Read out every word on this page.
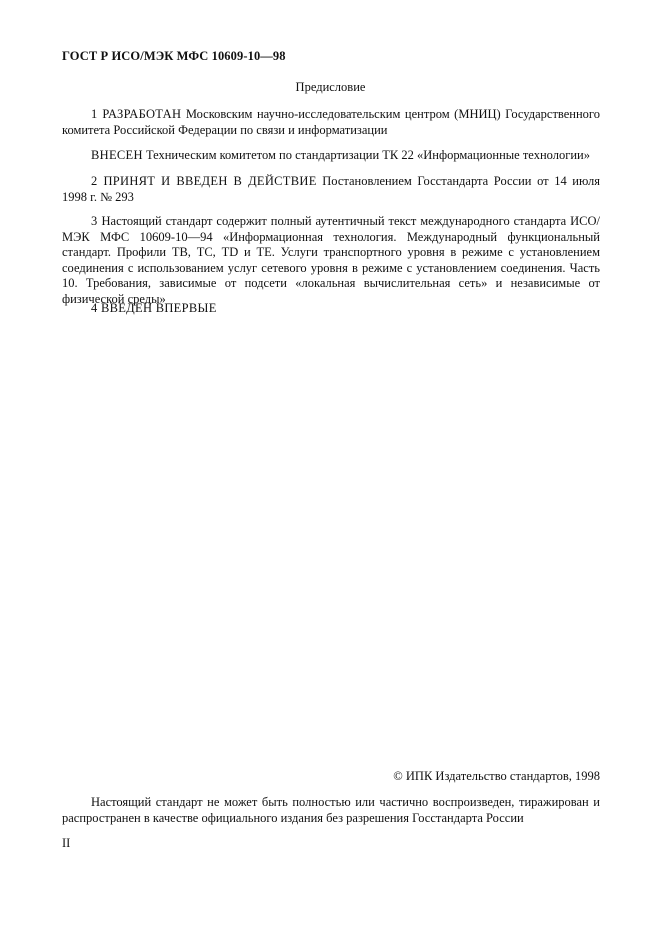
ГОСТ Р ИСО/МЭК МФС 10609-10—98
Предисловие
1 РАЗРАБОТАН Московским научно-исследовательским центром (МНИЦ) Государственного комитета Российской Федерации по связи и информатизации
ВНЕСЕН Техническим комитетом по стандартизации ТК 22 «Информационные технологии»
2 ПРИНЯТ И ВВЕДЕН В ДЕЙСТВИЕ Постановлением Госстандарта России от 14 июля 1998 г. № 293
3 Настоящий стандарт содержит полный аутентичный текст международного стандарта ИСО/МЭК МФС 10609-10—94 «Информационная технология. Международный функциональный стандарт. Профили ТВ, ТС, TD и ТЕ. Услуги транспортного уровня в режиме с установлением соединения с использованием услуг сетевого уровня в режиме с установлением соединения. Часть 10. Требования, зависимые от подсети «локальная вычислительная сеть» и независимые от физической среды»
4 ВВЕДЕН ВПЕРВЫЕ
© ИПК Издательство стандартов, 1998
Настоящий стандарт не может быть полностью или частично воспроизведен, тиражирован и распространен в качестве официального издания без разрешения Госстандарта России
II
